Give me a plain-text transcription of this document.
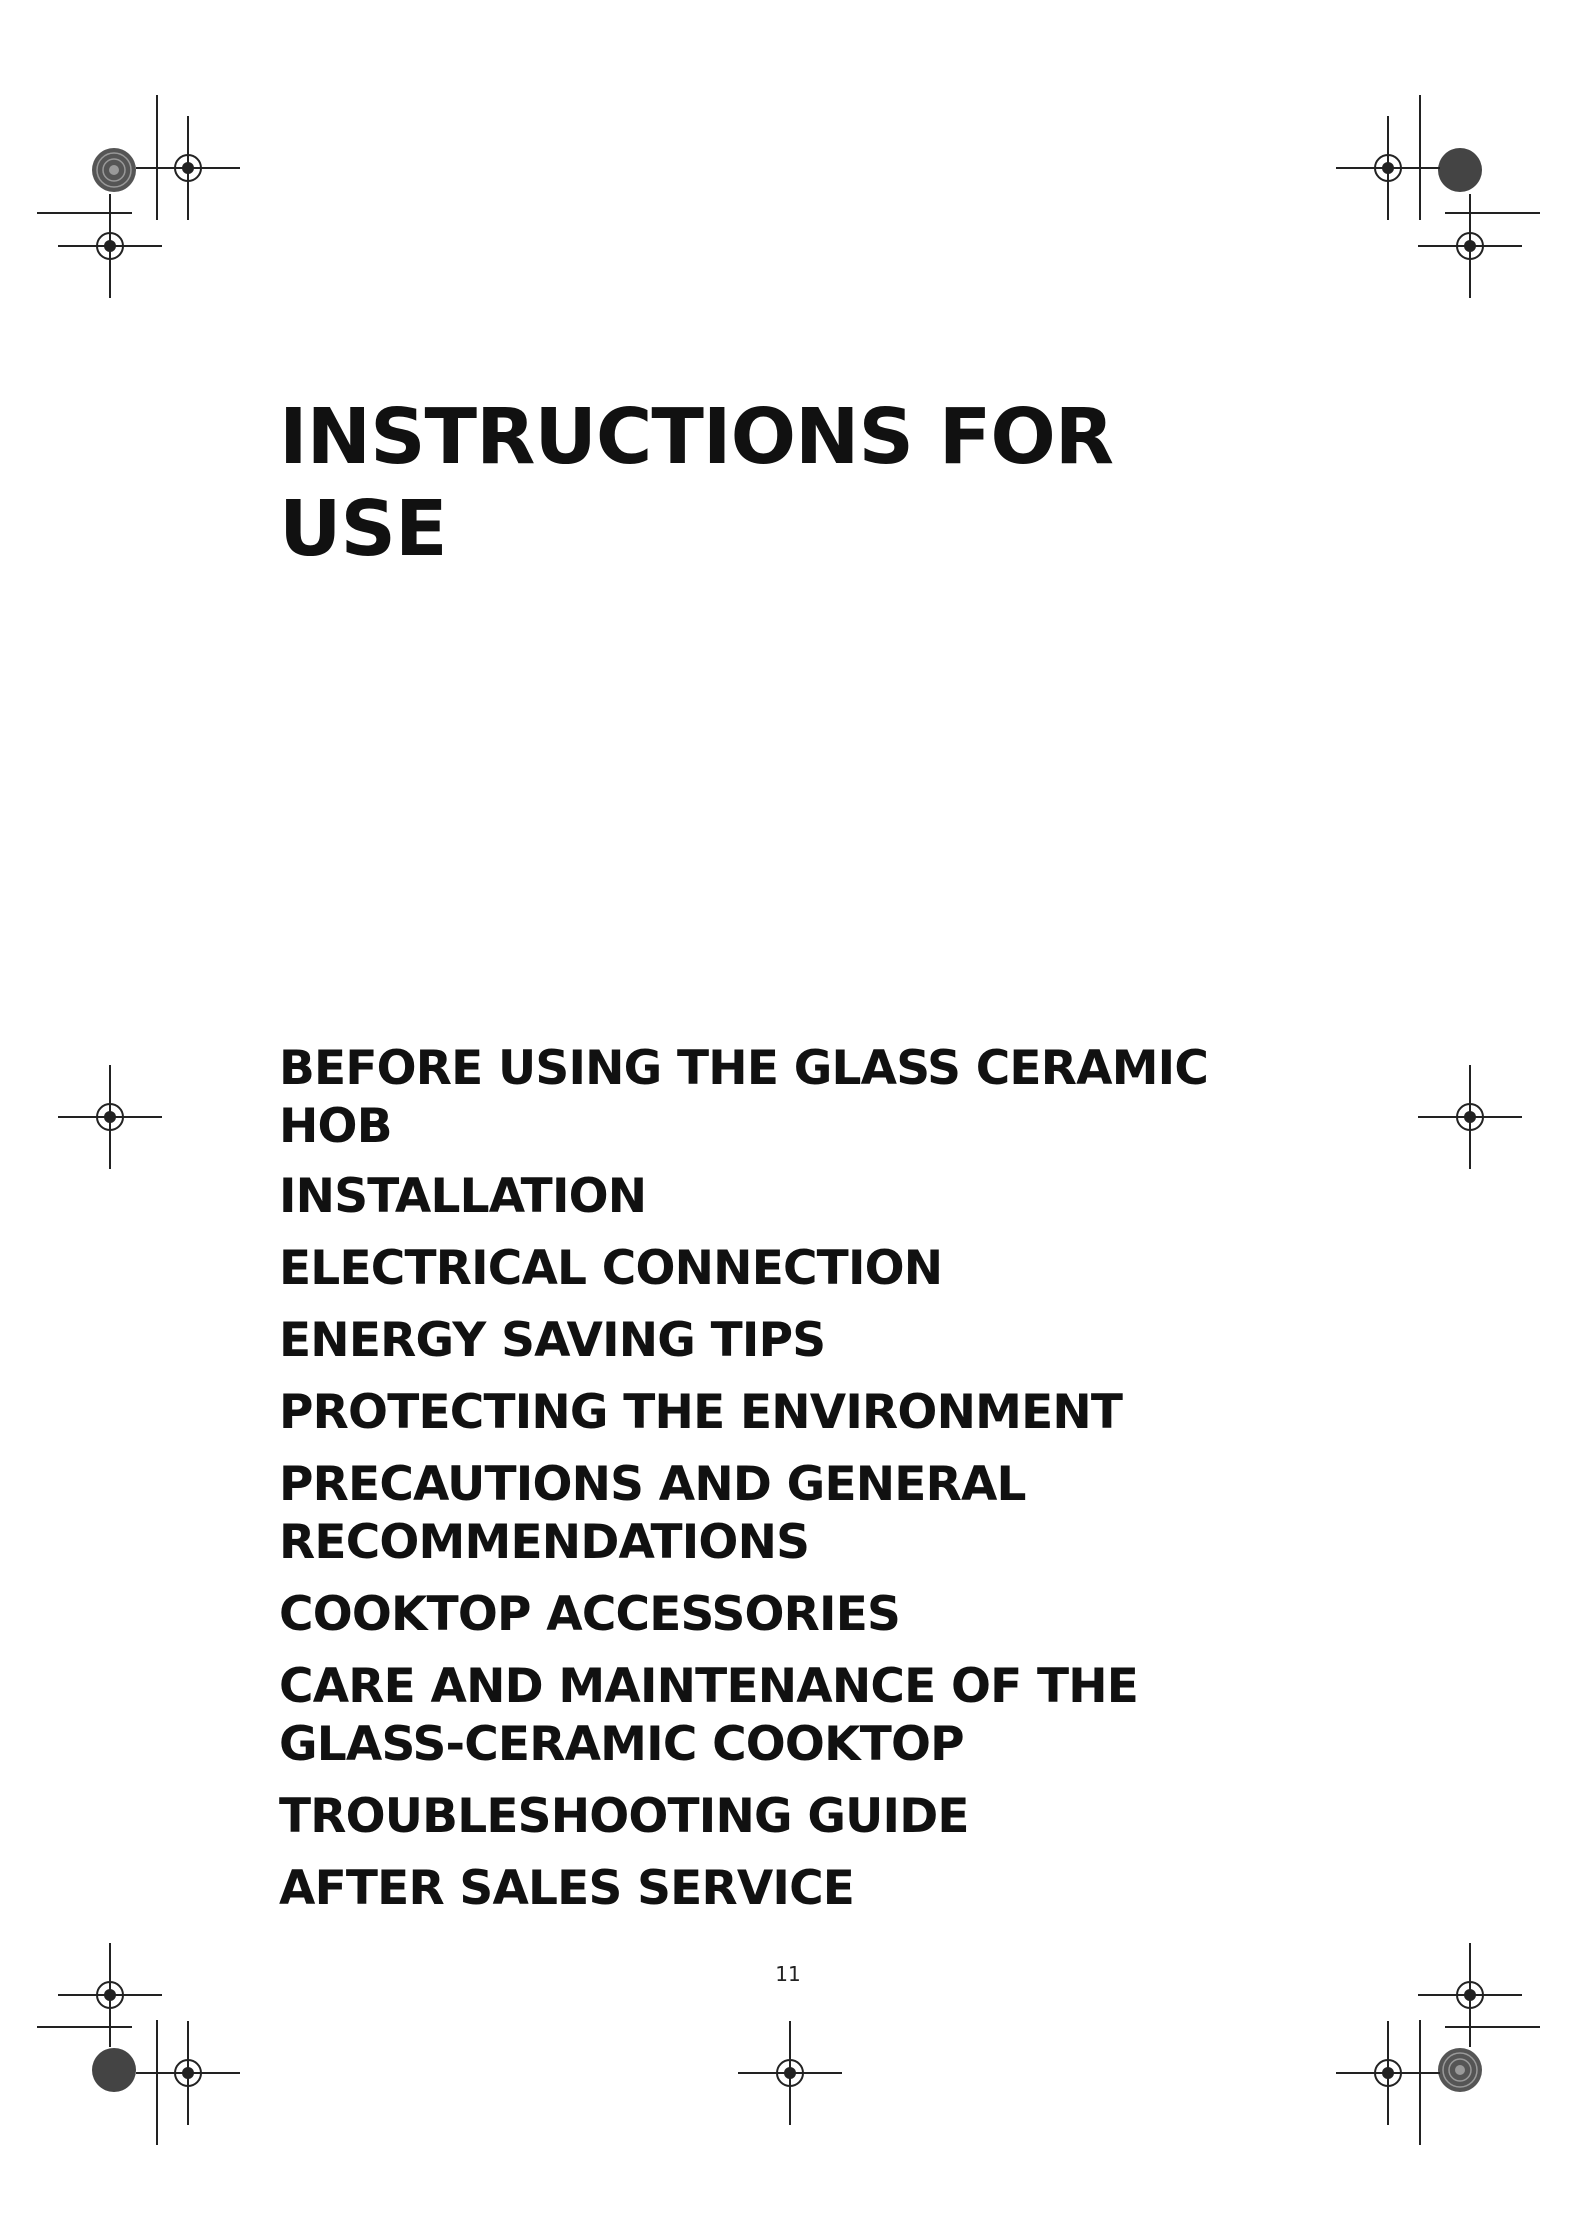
INSTRUCTIONS FOR
USE
BEFORE USING THE GLASS CERAMIC
HOB
INSTALLATION
ELECTRICAL CONNECTION
ENERGY SAVING TIPS
PROTECTING THE ENVIRONMENT
PRECAUTIONS AND GENERAL
RECOMMENDATIONS
COOKTOP ACCESSORIES
CARE AND MAINTENANCE OF THE
GLASS-CERAMIC COOKTOP
TROUBLESHOOTING GUIDE
AFTER SALES SERVICE
11
